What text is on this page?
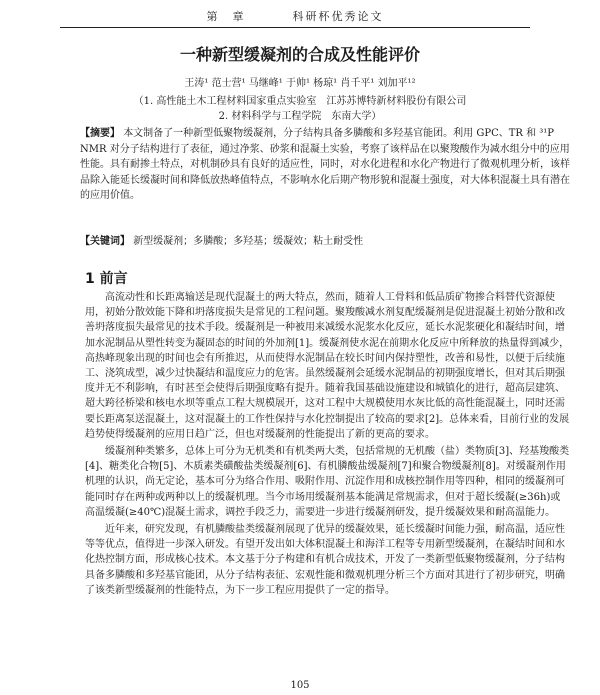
第　章	科研杯优秀论文
一种新型缓凝剂的合成及性能评价
王涛¹ 范士营¹ 马继峰¹ 于帅¹ 杨琼¹ 肖千平¹ 刘加平¹²
（1. 高性能土木工程材料国家重点实验室　江苏苏博特新材料股份有限公司
2. 材料科学与工程学院　东南大学）
【摘要】 本文制备了一种新型低聚物缓凝剂，分子结构具备多膦酸和多羟基官能团。利用 GPC、TR 和 ³¹P NMR 对分子结构进行了表征，通过净浆、砂浆和混凝土实验，考察了该样品在以聚羧酸作为减水组分中的应用性能。具有耐掺土特点，对机制砂具有良好的适应性，同时，对水化进程和水化产物进行了微观机理分析，该样品除入能延长缓凝时间和降低放热峰值特点，不影响水化后期产物形貌和混凝土强度，对大体积混凝土具有潜在的应用价值。
【关键词】 新型缓凝剂；多膦酸；多羟基；缓凝效；粘土耐受性
1 前言

高流动性和长距离输送是现代混凝土的两大特点，然而，随着人工骨料和低品质矿物掺合料替代资源使用，初始分散效能下降和坍落度损失是常见的工程问题。聚羧酸减水剂复配缓凝剂是促进混凝土初始分散和改善坍落度损失最常见的技术手段。缓凝剂是一种被用来减缓水泥浆水化反应，延长水泥浆硬化和凝结时间，增加水泥制品从塑性转变为凝固态的时间的外加剂[1]。缓凝剂使水泥在前期水化反应中所释放的热量得到减少，高热峰现象出现的时间也会有所推迟，从而使得水泥制品在较长时间内保持塑性，改善和易性，以便于后续施工、浇筑成型，减少过快凝结和温度应力的危害。虽然缓凝剂会延缓水泥制品的初期强度增长，但对其后期强度并无不利影响，有时甚至会使得后期强度略有提升。随着我国基础设施建设和城镇化的进行，超高层建筑、超大跨径桥梁和核电水坝等重点工程大规模展开，这对工程中大规模使用水灰比低的高性能混凝土，同时还需要长距离泵送混凝土，这对混凝土的工作性保持与水化控制提出了较高的要求[2]。总体来看，目前行业的发展趋势使得缓凝剂的应用日趋广泛，但也对缓凝剂的性能提出了新的更高的要求。

缓凝剂种类繁多，总体上可分为无机类和有机类两大类，包括常规的无机酸（盐）类物质[3]、羟基羧酸类[4]、糖类化合物[5]、木质素类磺酸盐类缓凝剂[6]、有机膦酸盐缓凝剂[7]和聚合物缓凝剂[8]。对缓凝剂作用机理的认识，尚无定论，基本可分为络合作用、吸附作用、沉淀作用和成核控制作用等四种，相同的缓凝剂可能同时存在两种或两种以上的缓凝机理。当今市场用缓凝剂基本能满足常规需求，但对于超长缓凝(≥36h)或高温缓凝(≥40℃)混凝土需求，调控手段乏力，需要进一步进行缓凝剂研发，提升缓凝效果和耐高温能力。

近年来，研究发现，有机膦酸盐类缓凝剂展现了优异的缓凝效果，延长缓凝时间能力强，耐高温，适应性等等优点，值得进一步深入研发。有望开发出如大体积混凝土和海洋工程等专用新型缓凝剂，在凝结时间和水化热控制方面，形成核心技术。本文基于分子构建和有机合成技术，开发了一类新型低聚物缓凝剂，分子结构具备多膦酸和多羟基官能团，从分子结构表征、宏观性能和微观机理分析三个方面对其进行了初步研究，明确了该类新型缓凝剂的性能特点，为下一步工程应用提供了一定的指导。

105
